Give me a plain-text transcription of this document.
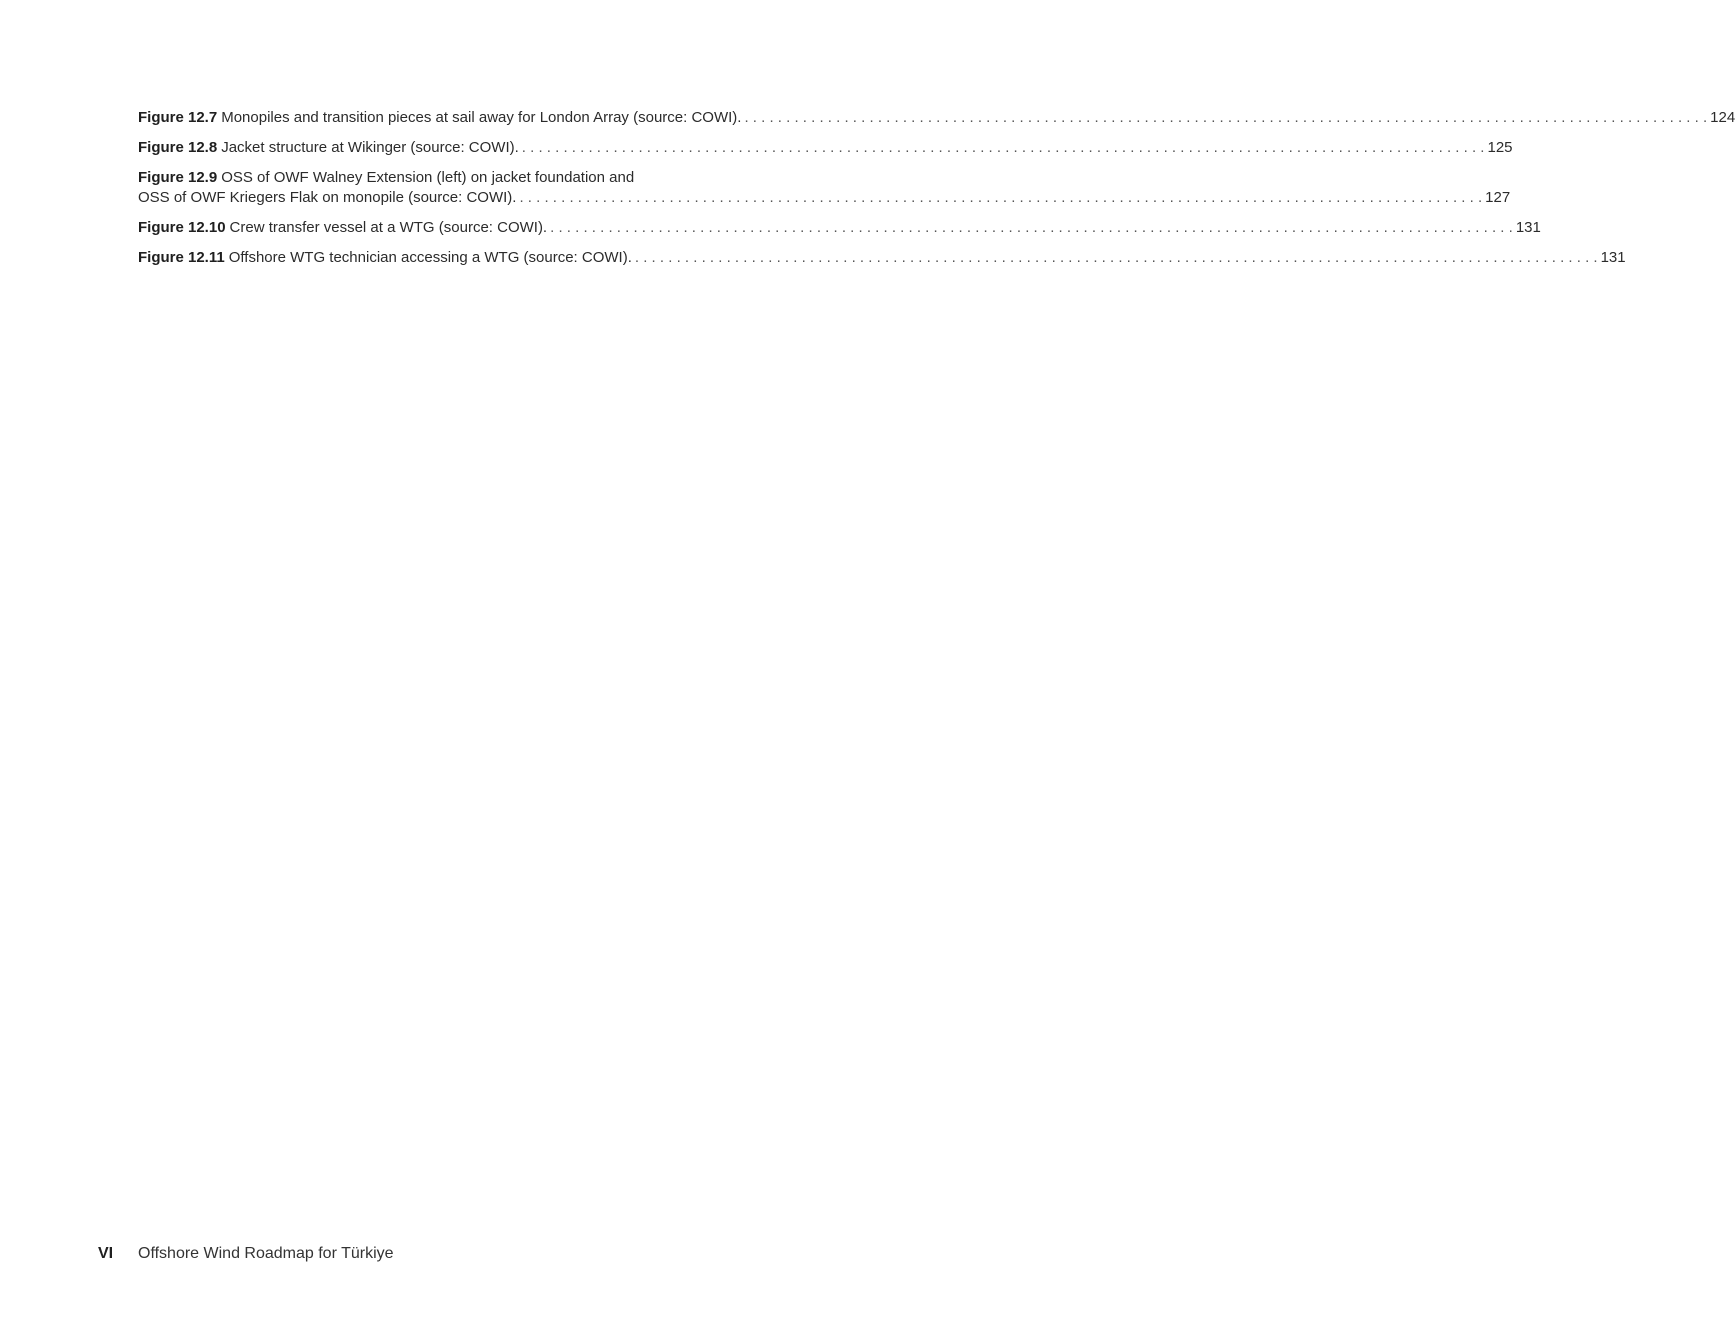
Figure 12.7 Monopiles and transition pieces at sail away for London Array (source: COWI). . . .	124
Figure 12.8 Jacket structure at Wikinger (source: COWI). . . .	125
Figure 12.9 OSS of OWF Walney Extension (left) on jacket foundation and
OSS of OWF Kriegers Flak on monopile (source: COWI). . . .	127
Figure 12.10 Crew transfer vessel at a WTG (source: COWI). . . .	131
Figure 12.11 Offshore WTG technician accessing a WTG (source: COWI). . . .	131
VI	Offshore Wind Roadmap for Türkiye
